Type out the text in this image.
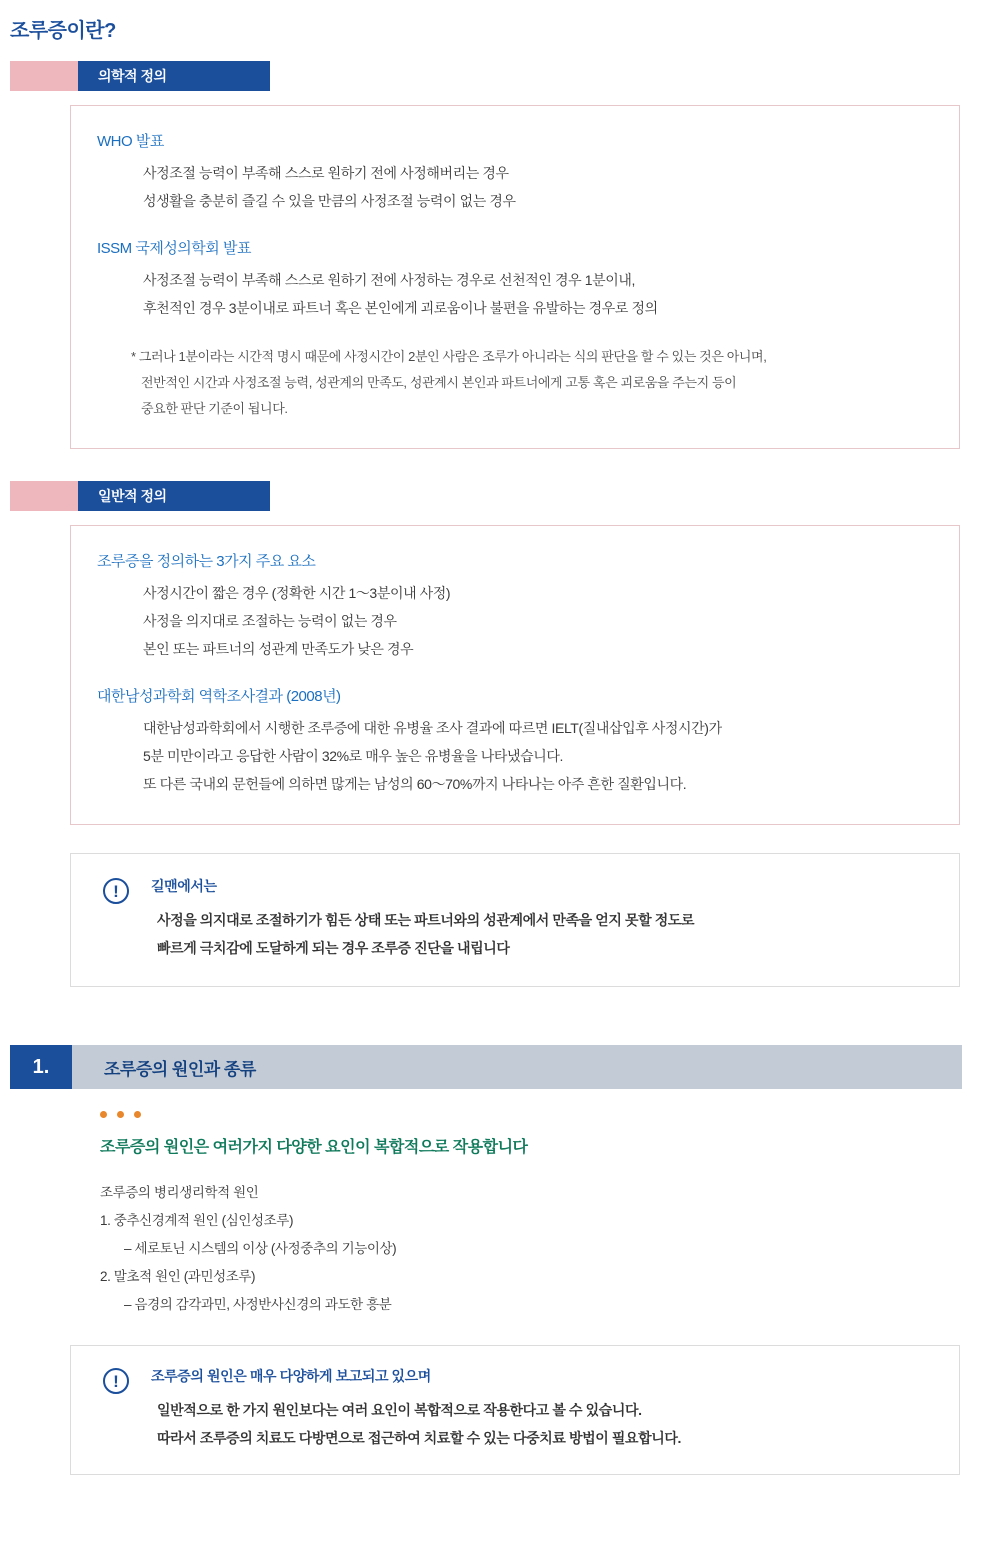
조루증이란?
의학적 정의
WHO 발표
사정조절 능력이 부족해 스스로 원하기 전에 사정해버리는 경우
성생활을 충분히 즐길 수 있을 만큼의 사정조절 능력이 없는 경우
ISSM 국제성의학회 발표
사정조절 능력이 부족해 스스로 원하기 전에 사정하는 경우로 선천적인 경우 1분이내,
후천적인 경우 3분이내로 파트너 혹은 본인에게 괴로움이나 불편을 유발하는 경우로 정의
* 그러나 1분이라는 시간적 명시 때문에 사정시간이 2분인 사람은 조루가 아니라는 식의 판단을 할 수 있는 것은 아니며,
전반적인 시간과 사정조절 능력, 성관계의 만족도, 성관계시 본인과 파트너에게 고통 혹은 괴로움을 주는지 등이
중요한 판단 기준이 됩니다.
일반적 정의
조루증을 정의하는 3가지 주요 요소
사정시간이 짧은 경우 (정확한 시간 1〜3분이내 사정)
사정을 의지대로 조절하는 능력이 없는 경우
본인 또는 파트너의 성관계 만족도가 낮은 경우
대한남성과학회 역학조사결과 (2008년)
대한남성과학회에서 시행한 조루증에 대한 유병율 조사 결과에 따르면 IELT(질내삽입후 사정시간)가
5분 미만이라고 응답한 사람이 32%로 매우 높은 유병율을 나타냈습니다.
또 다른 국내외 문헌들에 의하면 많게는 남성의 60〜70%까지 나타나는 아주 흔한 질환입니다.
!	길맨에서는
사정을 의지대로 조절하기가 힘든 상태 또는 파트너와의 성관계에서 만족을 얻지 못할 정도로
빠르게 극치감에 도달하게 되는 경우 조루증 진단을 내립니다
1.	조루증의 원인과 종류
조루증의 원인은 여러가지 다양한 요인이 복합적으로 작용합니다
조루증의 병리생리학적 원인
1. 중추신경계적 원인 (심인성조루)
– 세로토닌 시스템의 이상 (사정중추의 기능이상)
2. 말초적 원인 (과민성조루)
– 음경의 감각과민, 사정반사신경의 과도한 흥분
!	조루증의 원인은 매우 다양하게 보고되고 있으며
일반적으로 한 가지 원인보다는 여러 요인이 복합적으로 작용한다고 볼 수 있습니다.
따라서 조루증의 치료도 다방면으로 접근하여 치료할 수 있는 다중치료 방법이 필요합니다.
